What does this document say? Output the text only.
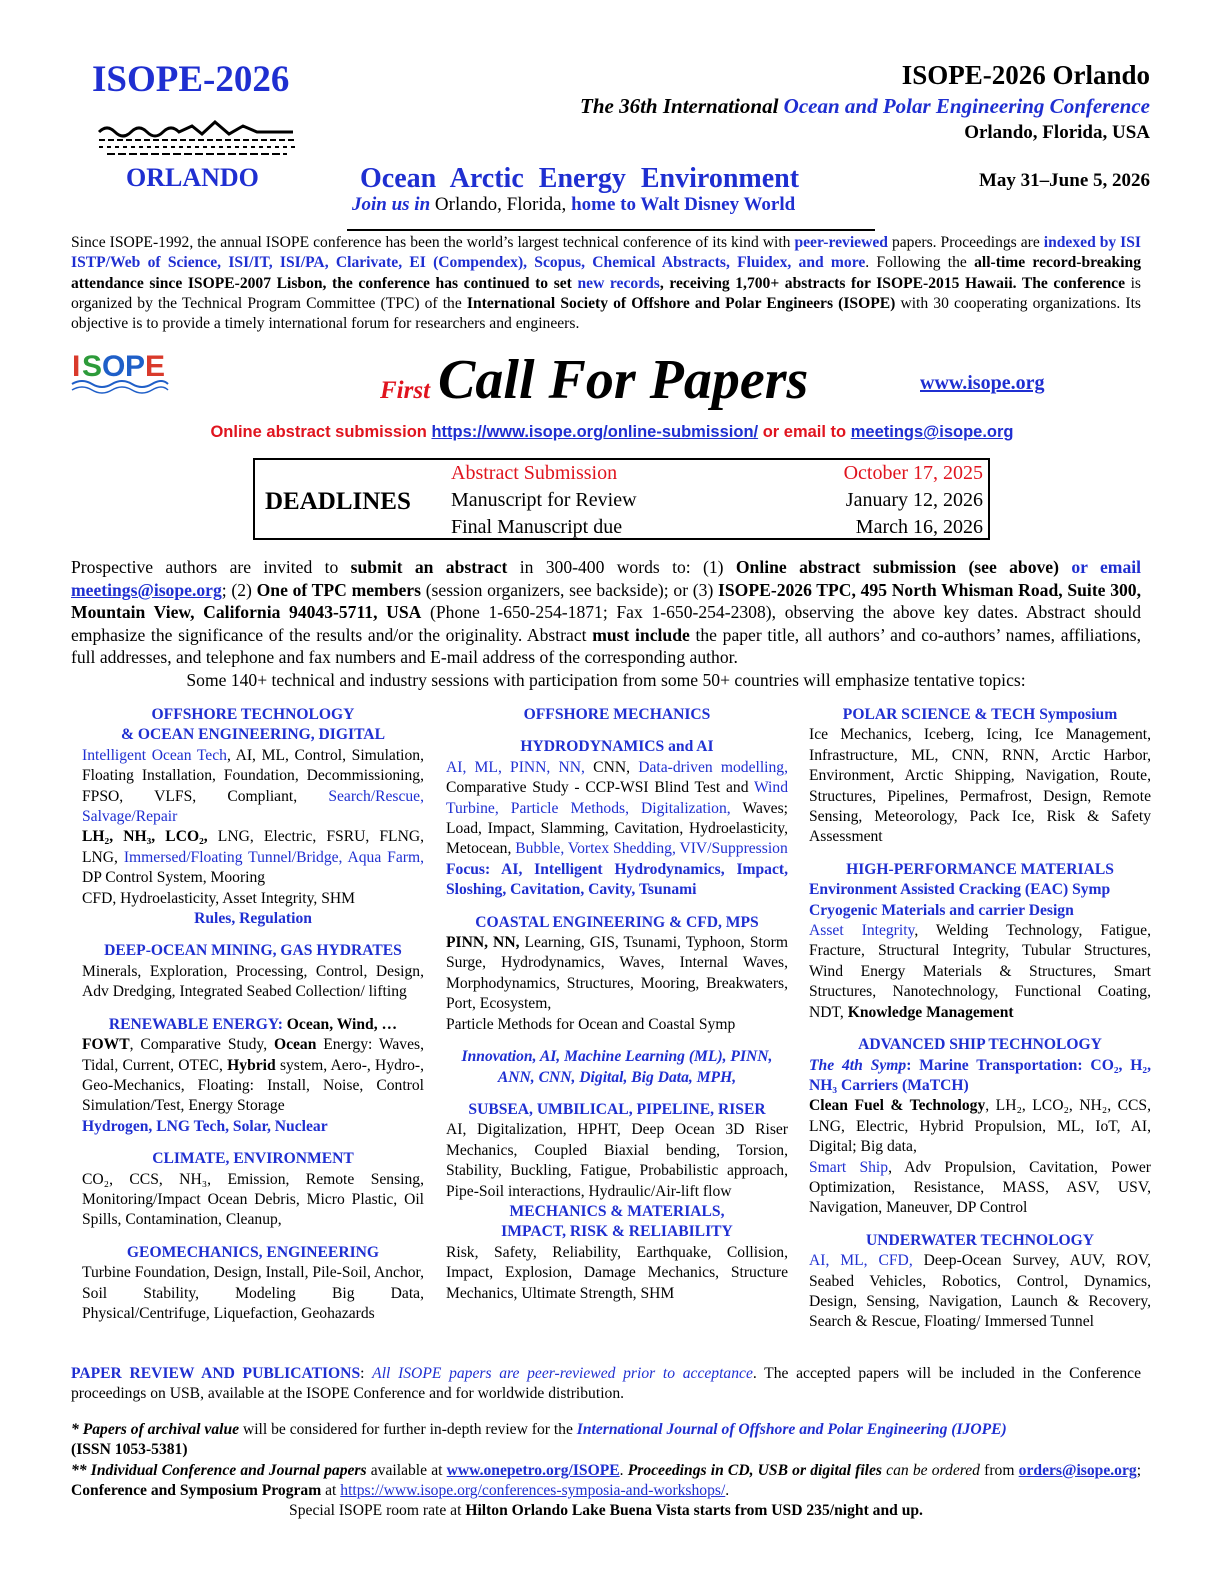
ISOPE-2026
ORLANDO
ISOPE-2026 Orlando
The 36th International Ocean and Polar Engineering Conference
Orlando, Florida, USA
Ocean Arctic Energy Environment	May 31–June 5, 2026
Join us in Orlando, Florida, home to Walt Disney World
Since ISOPE-1992, the annual ISOPE conference has been the world’s largest technical conference of its kind with peer-reviewed papers. Proceedings are indexed by ISI ISTP/Web of Science, ISI/IT, ISI/PA, Clarivate, EI (Compendex), Scopus, Chemical Abstracts, Fluidex, and more. Following the all-time record-breaking attendance since ISOPE-2007 Lisbon, the conference has continued to set new records, receiving 1,700+ abstracts for ISOPE-2015 Hawaii. The conference is organized by the Technical Program Committee (TPC) of the International Society of Offshore and Polar Engineers (ISOPE) with 30 cooperating organizations. Its objective is to provide a timely international forum for researchers and engineers.
I S O P E
First Call For Papers	www.isope.org
Online abstract submission https://www.isope.org/online-submission/ or email to meetings@isope.org
DEADLINES
Abstract Submission	October 17, 2025
Manuscript for Review	January 12, 2026
Final Manuscript due	March 16, 2026
Prospective authors are invited to submit an abstract in 300-400 words to: (1) Online abstract submission (see above) or email meetings@isope.org; (2) One of TPC members (session organizers, see backside); or (3) ISOPE-2026 TPC, 495 North Whisman Road, Suite 300, Mountain View, California 94043-5711, USA (Phone 1-650-254-1871; Fax 1-650-254-2308), observing the above key dates. Abstract should emphasize the significance of the results and/or the originality. Abstract must include the paper title, all authors’ and co-authors’ names, affiliations, full addresses, and telephone and fax numbers and E-mail address of the corresponding author.
Some 140+ technical and industry sessions with participation from some 50+ countries will emphasize tentative topics:

OFFSHORE TECHNOLOGY

& OCEAN ENGINEERING, DIGITAL

Intelligent Ocean Tech, AI, ML, Control, Simulation, Floating Installation, Foundation, Decommissioning, FPSO, VLFS, Compliant, Search/Rescue, Salvage/Repair

LH₂, NH₃, LCO₂, LNG, Electric, FSRU, FLNG, LNG, Immersed/Floating Tunnel/Bridge, Aqua Farm, DP Control System, Mooring

CFD, Hydroelasticity, Asset Integrity, SHM

Rules, Regulation

DEEP-OCEAN MINING, GAS HYDRATES

Minerals, Exploration, Processing, Control, Design, Adv Dredging, Integrated Seabed Collection/ lifting

RENEWABLE ENERGY: Ocean, Wind, …

FOWT, Comparative Study, Ocean Energy: Waves, Tidal, Current, OTEC, Hybrid system, Aero-, Hydro-, Geo-Mechanics, Floating: Install, Noise, Control Simulation/Test, Energy Storage

Hydrogen, LNG Tech, Solar, Nuclear

CLIMATE, ENVIRONMENT

CO₂, CCS, NH₃, Emission, Remote Sensing, Monitoring/Impact Ocean Debris, Micro Plastic, Oil Spills, Contamination, Cleanup,

GEOMECHANICS, ENGINEERING

Turbine Foundation, Design, Install, Pile-Soil, Anchor, Soil Stability, Modeling Big Data, Physical/Centrifuge, Liquefaction, Geohazards

OFFSHORE MECHANICS

HYDRODYNAMICS and AI

AI, ML, PINN, NN, CNN, Data-driven modelling, Comparative Study - CCP-WSI Blind Test and Wind Turbine, Particle Methods, Digitalization, Waves; Load, Impact, Slamming, Cavitation, Hydroelasticity, Metocean, Bubble, Vortex Shedding, VIV/Suppression

Focus: AI, Intelligent Hydrodynamics, Impact, Sloshing, Cavitation, Cavity, Tsunami

COASTAL ENGINEERING & CFD, MPS

PINN, NN, Learning, GIS, Tsunami, Typhoon, Storm Surge, Hydrodynamics, Waves, Internal Waves, Morphodynamics, Structures, Mooring, Breakwaters, Port, Ecosystem,

Particle Methods for Ocean and Coastal Symp

Innovation, AI, Machine Learning (ML), PINN, ANN, CNN, Digital, Big Data, MPH,

SUBSEA, UMBILICAL, PIPELINE, RISER

AI, Digitalization, HPHT, Deep Ocean 3D Riser Mechanics, Coupled Biaxial bending, Torsion, Stability, Buckling, Fatigue, Probabilistic approach, Pipe-Soil interactions, Hydraulic/Air-lift flow

MECHANICS & MATERIALS,

IMPACT, RISK & RELIABILITY

Risk, Safety, Reliability, Earthquake, Collision, Impact, Explosion, Damage Mechanics, Structure Mechanics, Ultimate Strength, SHM

POLAR SCIENCE & TECH Symposium

Ice Mechanics, Iceberg, Icing, Ice Management, Infrastructure, ML, CNN, RNN, Arctic Harbor, Environment, Arctic Shipping, Navigation, Route, Structures, Pipelines, Permafrost, Design, Remote Sensing, Meteorology, Pack Ice, Risk & Safety Assessment

HIGH-PERFORMANCE MATERIALS

Environment Assisted Cracking (EAC) Symp

Cryogenic Materials and carrier Design

Asset Integrity, Welding Technology, Fatigue, Fracture, Structural Integrity, Tubular Structures, Wind Energy Materials & Structures, Smart Structures, Nanotechnology, Functional Coating, NDT, Knowledge Management

ADVANCED SHIP TECHNOLOGY

The 4th Symp: Marine Transportation: CO₂, H₂, NH₃ Carriers (MaTCH)

Clean Fuel & Technology, LH₂, LCO₂, NH₂, CCS, LNG, Electric, Hybrid Propulsion, ML, IoT, AI, Digital; Big data,

Smart Ship, Adv Propulsion, Cavitation, Power Optimization, Resistance, MASS, ASV, USV, Navigation, Maneuver, DP Control

UNDERWATER TECHNOLOGY

AI, ML, CFD, Deep-Ocean Survey, AUV, ROV, Seabed Vehicles, Robotics, Control, Dynamics, Design, Sensing, Navigation, Launch & Recovery, Search & Rescue, Floating/ Immersed Tunnel

PAPER REVIEW AND PUBLICATIONS: All ISOPE papers are peer-reviewed prior to acceptance. The accepted papers will be included in the Conference proceedings on USB, available at the ISOPE Conference and for worldwide distribution.

* Papers of archival value will be considered for further in-depth review for the International Journal of Offshore and Polar Engineering (IJOPE)
(ISSN 1053-5381)

** Individual Conference and Journal papers available at www.onepetro.org/ISOPE. Proceedings in CD, USB or digital files can be ordered from orders@isope.org; Conference and Symposium Program at https://www.isope.org/conferences-symposia-and-workshops/.

Special ISOPE room rate at Hilton Orlando Lake Buena Vista starts from USD 235/night and up.
